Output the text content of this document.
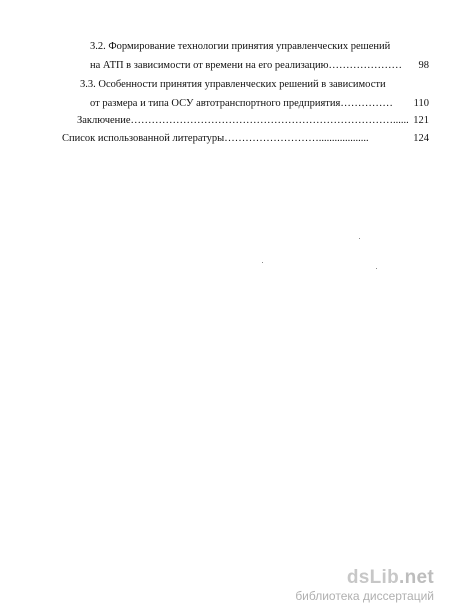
3.2. Формирование технологии принятия управленческих решений
на АТП в зависимости от времени на его реализацию………………… 98
3.3. Особенности принятия управленческих решений в зависимости
от размера и типа ОСУ автотранспортного предприятия…………… 110
Заключение…………………………………………………………………...... 121
Список использованной литературы………………………...................	124
dsLib.net
библиотека диссертаций
